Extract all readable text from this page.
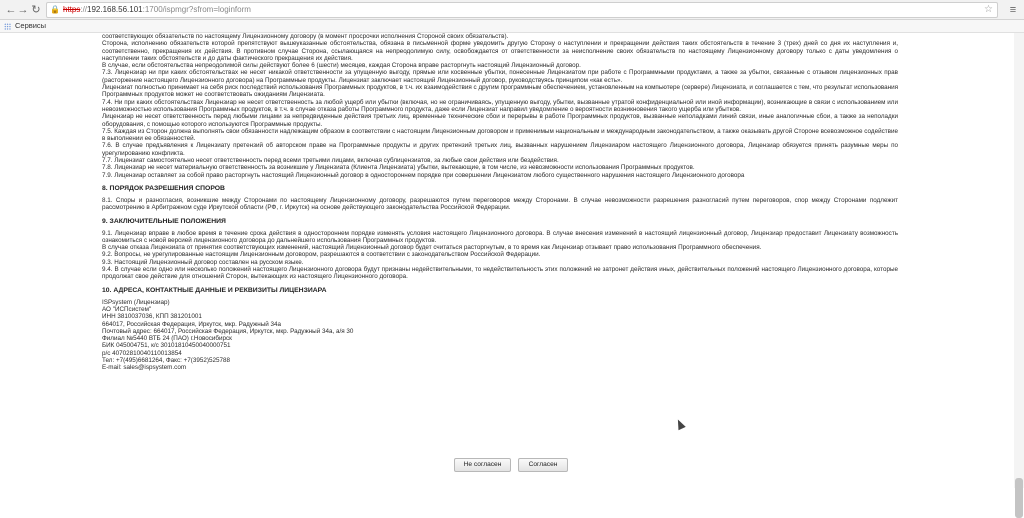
← → ↻ 🔒 https://192.168.56.101:1700/ispmgr?sfrom=loginform	☆	≡
Сервисы

соответствующих обязательств по настоящему Лицензионному договору (в момент просрочки исполнения Стороной своих обязательств).

Сторона, исполнению обязательств которой препятствуют вышеуказанные обстоятельства, обязана в письменной форме уведомить другую Сторону о наступлении и прекращении действия таких обстоятельств в течение 3 (трех) дней со дня их наступления и, соответственно, прекращения их действия. В противном случае Сторона, ссылающаяся на непреодолимую силу, освобождается от ответственности за неисполнение своих обязательств по настоящему Лицензионному договору только с даты уведомления о наступлении таких обстоятельств и до даты фактического прекращения их действия.

В случае, если обстоятельства непреодолимой силы действуют более 6 (шести) месяцев, каждая Сторона вправе расторгнуть настоящий Лицензионный договор.

7.3. Лицензиар ни при каких обстоятельствах не несет никакой ответственности за упущенную выгоду, прямые или косвенные убытки, понесенные Лицензиатом при работе с Программными продуктами, а также за убытки, связанные с отзывом лицензионных прав (расторжение настоящего Лицензионного договора) на Программные продукты. Лицензиат заключает настоящий Лицензионный договор, руководствуясь принципом «как есть».

Лицензиат полностью принимает на себя риск последствий использования Программных продуктов, в т.ч. их взаимодействия с другим программным обеспечением, установленным на компьютере (сервере) Лицензиата, и соглашается с тем, что результат использования Программных продуктов может не соответствовать ожиданиям Лицензиата.

7.4. Ни при каких обстоятельствах Лицензиар не несет ответственность за любой ущерб или убытки (включая, но не ограничиваясь, упущенную выгоду, убытки, вызванные утратой конфиденциальной или иной информации), возникающие в связи с использованием или невозможностью использования Программных продуктов, в т.ч. в случае отказа работы Программного продукта, даже если Лицензиат направил уведомление о вероятности возникновения такого ущерба или убытков.

Лицензиар не несет ответственность перед любыми лицами за непредвиденные действия третьих лиц, временные технические сбои и перерывы в работе Программных продуктов, вызванные неполадками линий связи, иные аналогичные сбои, а также за неполадки оборудования, с помощью которого используются Программные продукты.

7.5. Каждая из Сторон должна выполнять свои обязанности надлежащим образом в соответствии с настоящим Лицензионным договором и применимым национальным и международным законодательством, а также оказывать другой Стороне всевозможное содействие в выполнении ее обязанностей.

7.6. В случае предъявления к Лицензиату претензий об авторском праве на Программные продукты и других претензий третьих лиц, вызванных нарушением Лицензиаром настоящего Лицензионного договора, Лицензиар обязуется принять разумные меры по урегулированию конфликта.

7.7. Лицензиат самостоятельно несет ответственность перед всеми третьими лицами, включая сублицензиатов, за любые свои действия или бездействия.

7.8. Лицензиар не несет материальную ответственность за возникшие у Лицензиата (Клиента Лицензиата) убытки, вытекающие, в том числе, из невозможности использования Программных продуктов.

7.9. Лицензиар оставляет за собой право расторгнуть настоящий Лицензионный договор в одностороннем порядке при совершении Лицензиатом любого существенного нарушения настоящего Лицензионного договора

8. ПОРЯДОК РАЗРЕШЕНИЯ СПОРОВ

8.1. Споры и разногласия, возникшие между Сторонами по настоящему Лицензионному договору, разрешаются путем переговоров между Сторонами. В случае невозможности разрешения разногласий путем переговоров, спор между Сторонами подлежит рассмотрению в Арбитражном суде Иркутской области (РФ, г. Иркутск) на основе действующего законодательства Российской Федерации.

9. ЗАКЛЮЧИТЕЛЬНЫЕ ПОЛОЖЕНИЯ

9.1. Лицензиар вправе в любое время в течение срока действия в одностороннем порядке изменять условия настоящего Лицензионного договора. В случае внесения изменений в настоящий лицензионный договор, Лицензиар предоставит Лицензиату возможность ознакомиться с новой версией лицензионного договора до дальнейшего использования Программных продуктов.

В случае отказа Лицензиата от принятия соответствующих изменений, настоящий Лицензионный договор будет считаться расторгнутым, в то время как Лицензиар отзывает право использования Программного обеспечения.

9.2. Вопросы, не урегулированные настоящим Лицензионным договором, разрешаются в соответствии с законодательством Российской Федерации.

9.3. Настоящий Лицензионный договор составлен на русском языке.

9.4. В случае если одно или несколько положений настоящего Лицензионного договора будут признаны недействительными, то недействительность этих положений не затронет действия иных, действительных положений настоящего Лицензионного договора, которые продолжат свое действие для отношений Сторон, вытекающих из настоящего Лицензионного договора.

10. АДРЕСА, КОНТАКТНЫЕ ДАННЫЕ И РЕКВИЗИТЫ ЛИЦЕНЗИАРА

ISPsystem (Лицензиар)

АО "ИСПсистем"

ИНН 3810037036, КПП 381201001

664017, Российская Федерация, Иркутск, мкр. Радужный 34а

Почтовый адрес: 664017, Российская Федерация, Иркутск, мкр. Радужный 34а, а/я 30

Филиал №5440 ВТБ 24 (ПАО) г.Новосибирск

БИК 045004751, к/с 30101810450040000751

р/с 40702810040110013854

Тел: +7(495)6681264, Факс: +7(3952)525788

E-mail: sales@ispsystem.com

Не согласен	Согласен
